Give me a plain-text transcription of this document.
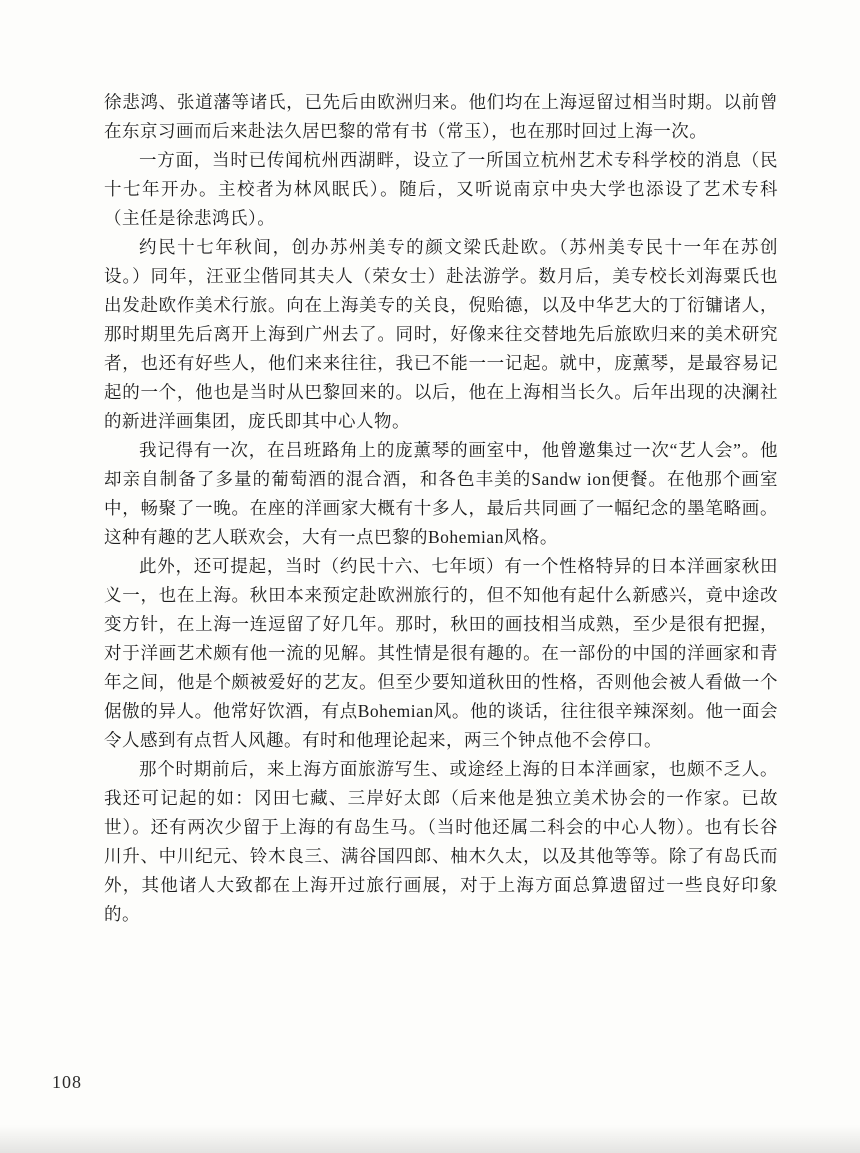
徐悲鸿、张道藩等诸氏，已先后由欧洲归来。他们均在上海逗留过相当时期。以前曾在东京习画而后来赴法久居巴黎的常有书（常玉），也在那时回过上海一次。

一方面，当时已传闻杭州西湖畔，设立了一所国立杭州艺术专科学校的消息（民十七年开办。主校者为林风眠氏）。随后，又听说南京中央大学也添设了艺术专科（主任是徐悲鸿氏）。

约民十七年秋间，创办苏州美专的颜文梁氏赴欧。（苏州美专民十一年在苏创设。）同年，汪亚尘偕同其夫人（荣女士）赴法游学。数月后，美专校长刘海粟氏也出发赴欧作美术行旅。向在上海美专的关良，倪贻德，以及中华艺大的丁衍镛诸人，那时期里先后离开上海到广州去了。同时，好像来往交替地先后旅欧归来的美术研究者，也还有好些人，他们来来往往，我已不能一一记起。就中，庞薰琴，是最容易记起的一个，他也是当时从巴黎回来的。以后，他在上海相当长久。后年出现的决澜社的新进洋画集团，庞氏即其中心人物。

我记得有一次，在吕班路角上的庞薰琴的画室中，他曾邀集过一次“艺人会”。他却亲自制备了多量的葡萄酒的混合酒，和各色丰美的Sandw ion便餐。在他那个画室中，畅聚了一晚。在座的洋画家大概有十多人，最后共同画了一幅纪念的墨笔略画。这种有趣的艺人联欢会，大有一点巴黎的Bohemian风格。

此外，还可提起，当时（约民十六、七年顷）有一个性格特异的日本洋画家秋田义一，也在上海。秋田本来预定赴欧洲旅行的，但不知他有起什么新感兴，竟中途改变方针，在上海一连逗留了好几年。那时，秋田的画技相当成熟，至少是很有把握，对于洋画艺术颇有他一流的见解。其性情是很有趣的。在一部份的中国的洋画家和青年之间，他是个颇被爱好的艺友。但至少要知道秋田的性格，否则他会被人看做一个倨傲的异人。他常好饮酒，有点Bohemian风。他的谈话，往往很辛辣深刻。他一面会令人感到有点哲人风趣。有时和他理论起来，两三个钟点他不会停口。

那个时期前后，来上海方面旅游写生、或途经上海的日本洋画家，也颇不乏人。我还可记起的如：冈田七藏、三岸好太郎（后来他是独立美术协会的一作家。已故世）。还有两次少留于上海的有岛生马。（当时他还属二科会的中心人物）。也有长谷川升、中川纪元、铃木良三、满谷国四郎、柚木久太，以及其他等等。除了有岛氏而外，其他诸人大致都在上海开过旅行画展，对于上海方面总算遗留过一些良好印象的。

108
